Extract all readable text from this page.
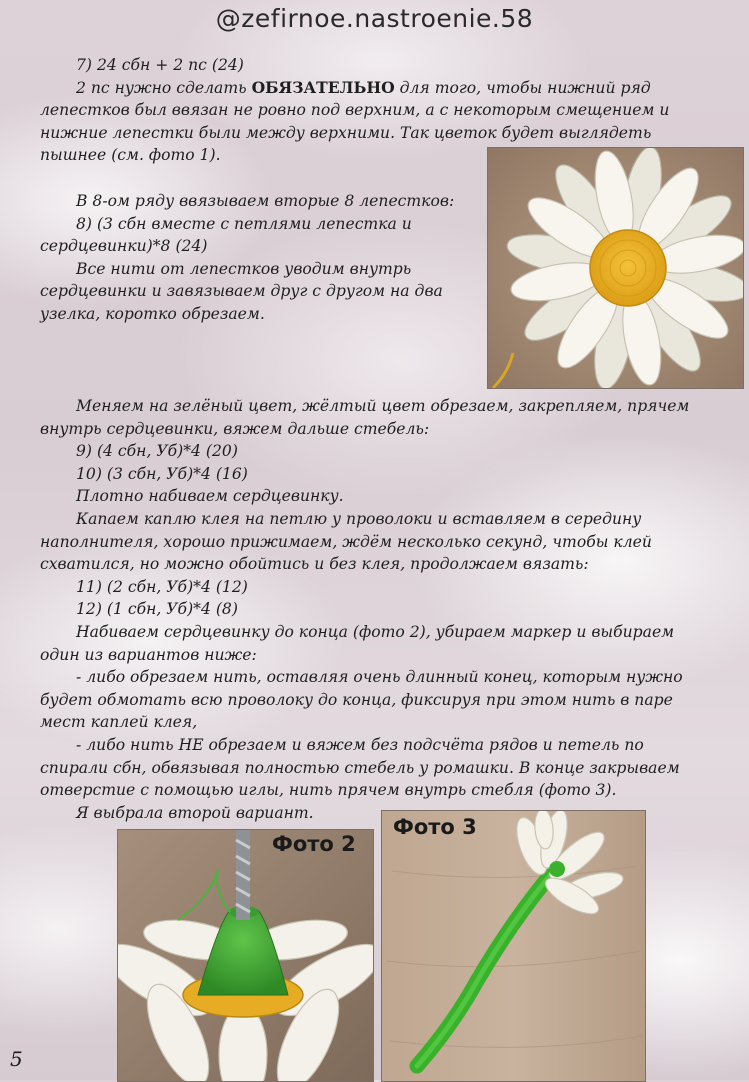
@zefirnoe.nastroenie.58

7) 24 сбн + 2 пс (24)

2 пс нужно сделать ОБЯЗАТЕЛЬНО для того, чтобы нижний ряд лепестков был ввязан не ровно под верхним, а с некоторым смещением и нижние лепестки были между верхними. Так цветок будет выглядеть пышнее (см. фото 1).

В 8-ом ряду ввязываем вторые 8 лепестков:

8) (3 сбн вместе с петлями лепестка и сердцевинки)*8 (24)

Все нити от лепестков уводим внутрь сердцевинки и завязываем друг с другом на два узелка, коротко обрезаем.

Меняем на зелёный цвет, жёлтый цвет обрезаем, закрепляем, прячем внутрь сердцевинки, вяжем дальше стебель:

9) (4 сбн, Уб)*4 (20)

10) (3 сбн, Уб)*4 (16)

Плотно набиваем сердцевинку.

Капаем каплю клея на петлю у проволоки и вставляем в середину наполнителя, хорошо прижимаем, ждём несколько секунд, чтобы клей схватился, но можно обойтись и без клея, продолжаем вязать:

11) (2 сбн, Уб)*4 (12)

12) (1 сбн, Уб)*4 (8)

Набиваем сердцевинку до конца (фото 2), убираем маркер и выбираем один из вариантов ниже:

- либо обрезаем нить, оставляя очень длинный конец, которым нужно будет обмотать всю проволоку до конца, фиксируя при этом нить в паре мест каплей клея,

- либо нить НЕ обрезаем и вяжем без подсчёта рядов и петель по спирали сбн, обвязывая полностью стебель у ромашки. В конце закрываем отверстие с помощью иглы, нить прячем внутрь стебля (фото 3).

Я выбрала второй вариант.

Фото 2
Фото 3
5
